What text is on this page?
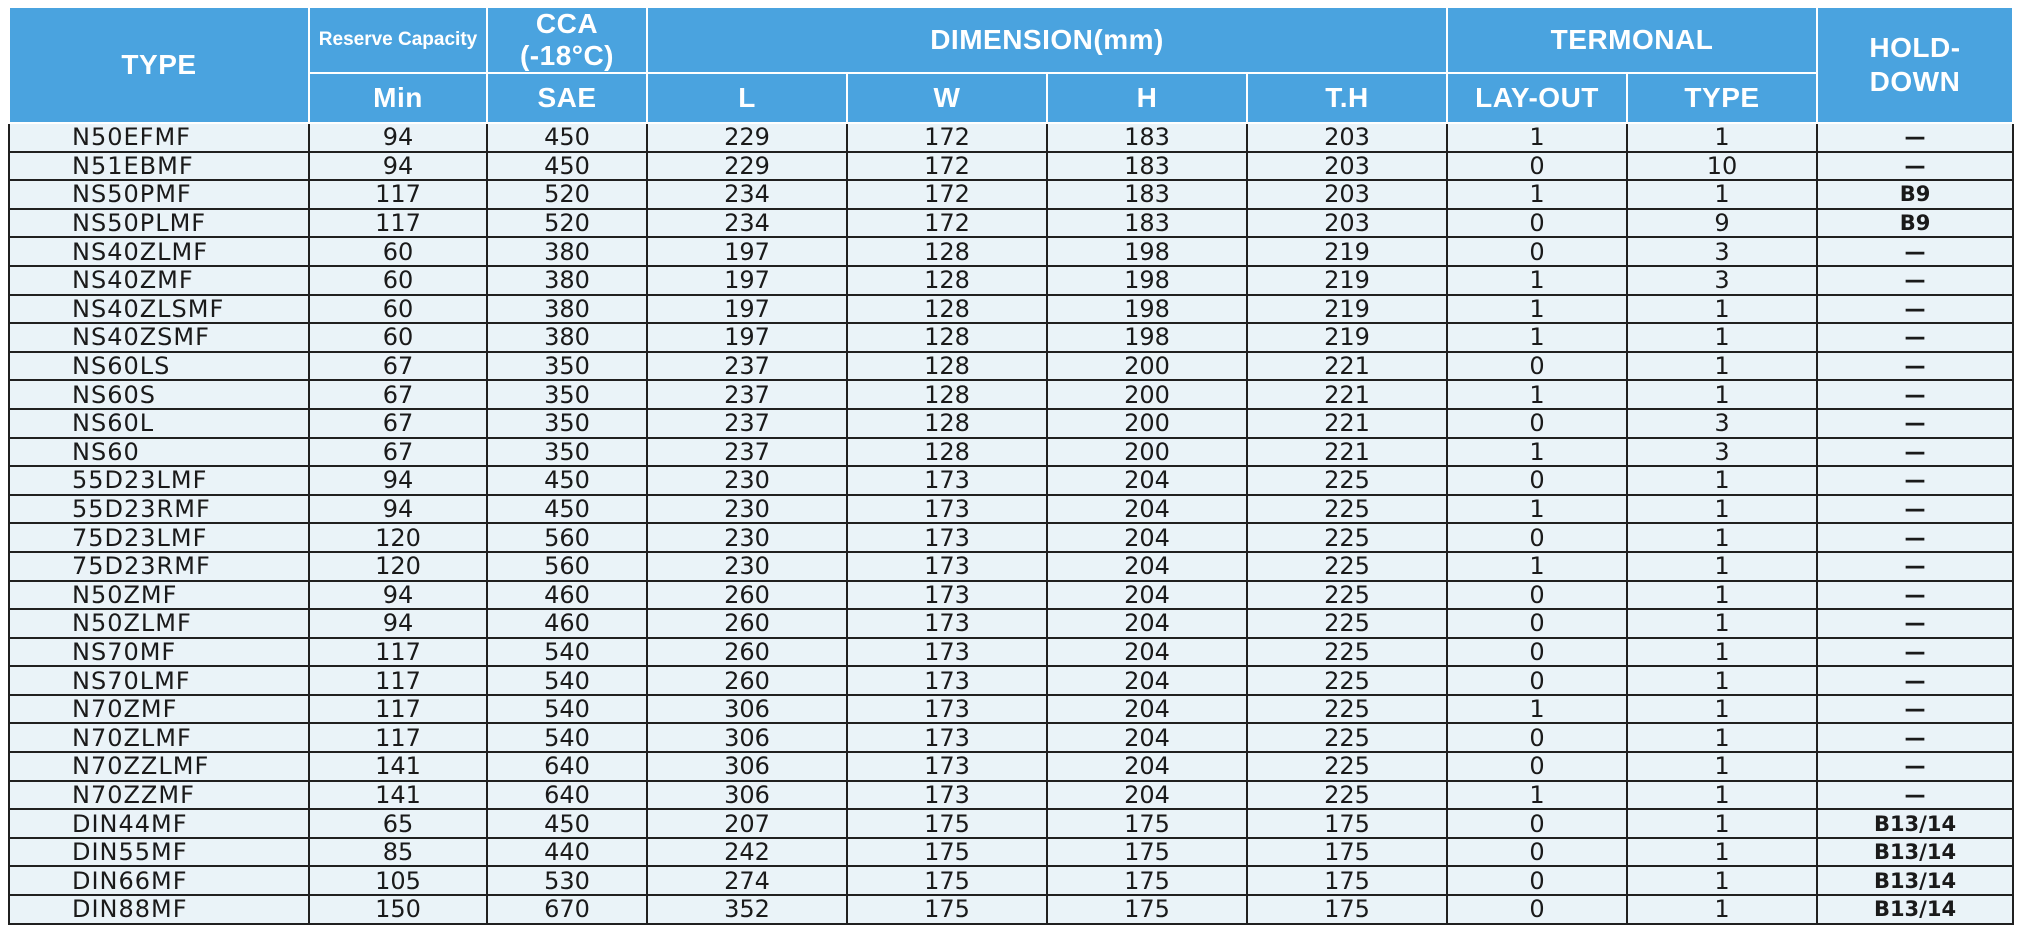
TYPE	Reserve Capacity	CCA (-18°C)	DIMENSION(mm)				TERMONAL		HOLD-
DOWN
	Min	SAE	L	W	H	T.H	LAY-OUT	TYPE	
N50EFMF	94	450	229	172	183	203	1	1	—
N51EBMF	94	450	229	172	183	203	0	10	—
NS50PMF	117	520	234	172	183	203	1	1	B9
NS50PLMF	117	520	234	172	183	203	0	9	B9
NS40ZLMF	60	380	197	128	198	219	0	3	—
NS40ZMF	60	380	197	128	198	219	1	3	—
NS40ZLSMF	60	380	197	128	198	219	1	1	—
NS40ZSMF	60	380	197	128	198	219	1	1	—
NS60LS	67	350	237	128	200	221	0	1	—
NS60S	67	350	237	128	200	221	1	1	—
NS60L	67	350	237	128	200	221	0	3	—
NS60	67	350	237	128	200	221	1	3	—
55D23LMF	94	450	230	173	204	225	0	1	—
55D23RMF	94	450	230	173	204	225	1	1	—
75D23LMF	120	560	230	173	204	225	0	1	—
75D23RMF	120	560	230	173	204	225	1	1	—
N50ZMF	94	460	260	173	204	225	0	1	—
N50ZLMF	94	460	260	173	204	225	0	1	—
NS70MF	117	540	260	173	204	225	0	1	—
NS70LMF	117	540	260	173	204	225	0	1	—
N70ZMF	117	540	306	173	204	225	1	1	—
N70ZLMF	117	540	306	173	204	225	0	1	—
N70ZZLMF	141	640	306	173	204	225	0	1	—
N70ZZMF	141	640	306	173	204	225	1	1	—
DIN44MF	65	450	207	175	175	175	0	1	B13/14
DIN55MF	85	440	242	175	175	175	0	1	B13/14
DIN66MF	105	530	274	175	175	175	0	1	B13/14
DIN88MF	150	670	352	175	175	175	0	1	B13/14
